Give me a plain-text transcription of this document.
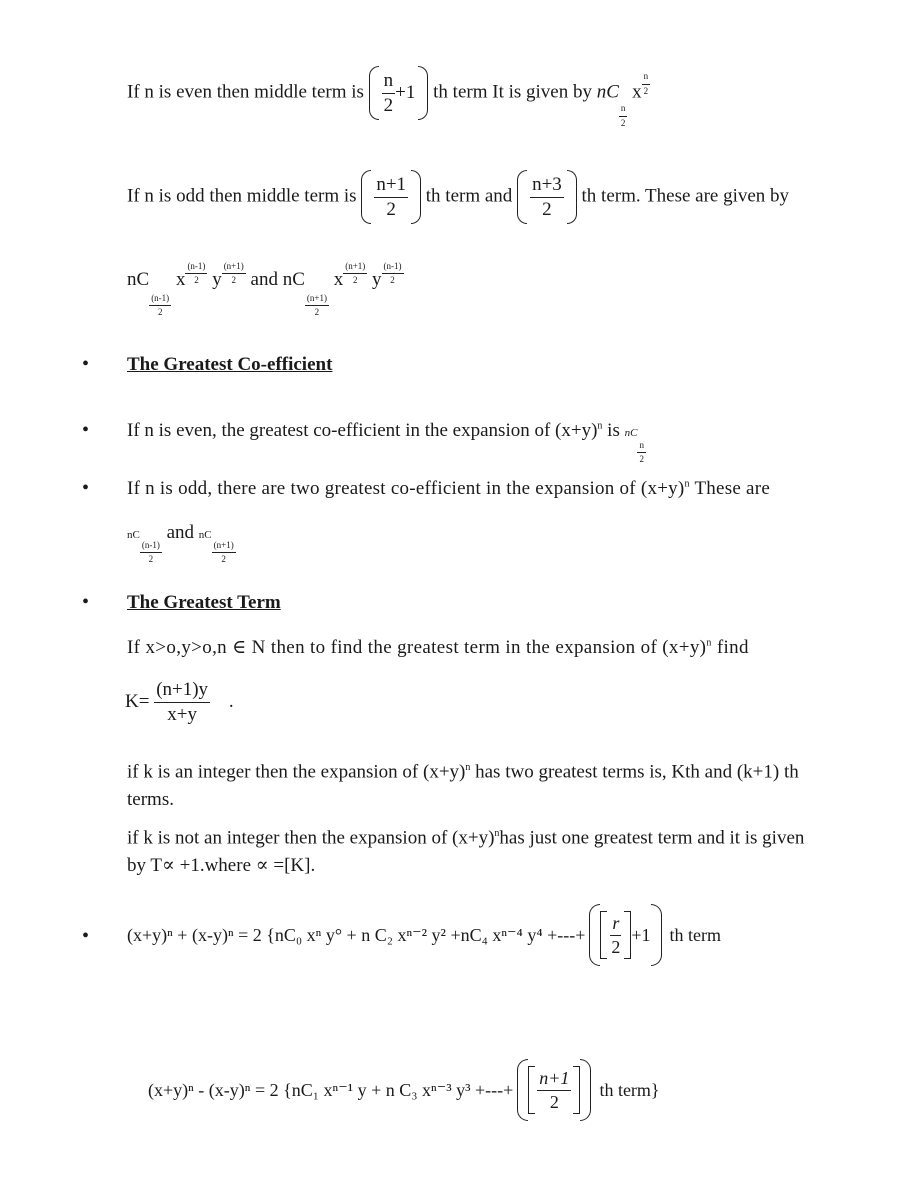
If n is even then middle term is $\frac{n}{2} +1$ th term It is given by nC
$\frac{n}{2}$
x $\frac{n}{2}$
If n is odd then middle term is $\frac{n+1}{2}$ th term and $\frac{n+3}{2}$ th term. These are given by
nC
$\frac{(n-1)}{2}$
x $\frac{(n-1)}{2}$ y $\frac{(n+1)}{2}$ and nC
$\frac{(n+1)}{2}$
x $\frac{(n+1)}{2}$ y $\frac{(n-1)}{2}$
• The Greatest Co-efficient
• If n is even, the greatest co-efficient in the expansion of $(x+y)^n$ is nC
$\frac{n}{2}$
• If n is odd, there are two greatest co-efficient in the expansion of $(x+y)^n$ These are
nC
$\frac{(n-1)}{2}$
and nC
$\frac{(n+1)}{2}$
• The Greatest Term
If x>o,y>o,n ∈ N then to find the greatest term in the expansion of $(x+y)^n$ find
$K= \frac{(n+1)y}{x+y}$ .
if k is an integer then the expansion of $(x+y)^n$ has two greatest terms is, Kth and (k+1) th terms.
if k is not an integer then the expansion of $(x+y)^nhas$ just one greatest term and it is given by T∝ +1.where ∝ =[K].
• (x+y)ⁿ + (x-y)ⁿ = 2 {nC₀ xⁿ y° + n C₂ xⁿ⁻² y² +nC₄ xⁿ⁻⁴ y⁴ +---+ $\frac{r}{2} +1$ th term
(x+y)ⁿ - (x-y)ⁿ = 2 {nC₁ xⁿ⁻¹ y + n C₃ xⁿ⁻³ y³ +---+ $\frac{n+1}{2}$ th term}
